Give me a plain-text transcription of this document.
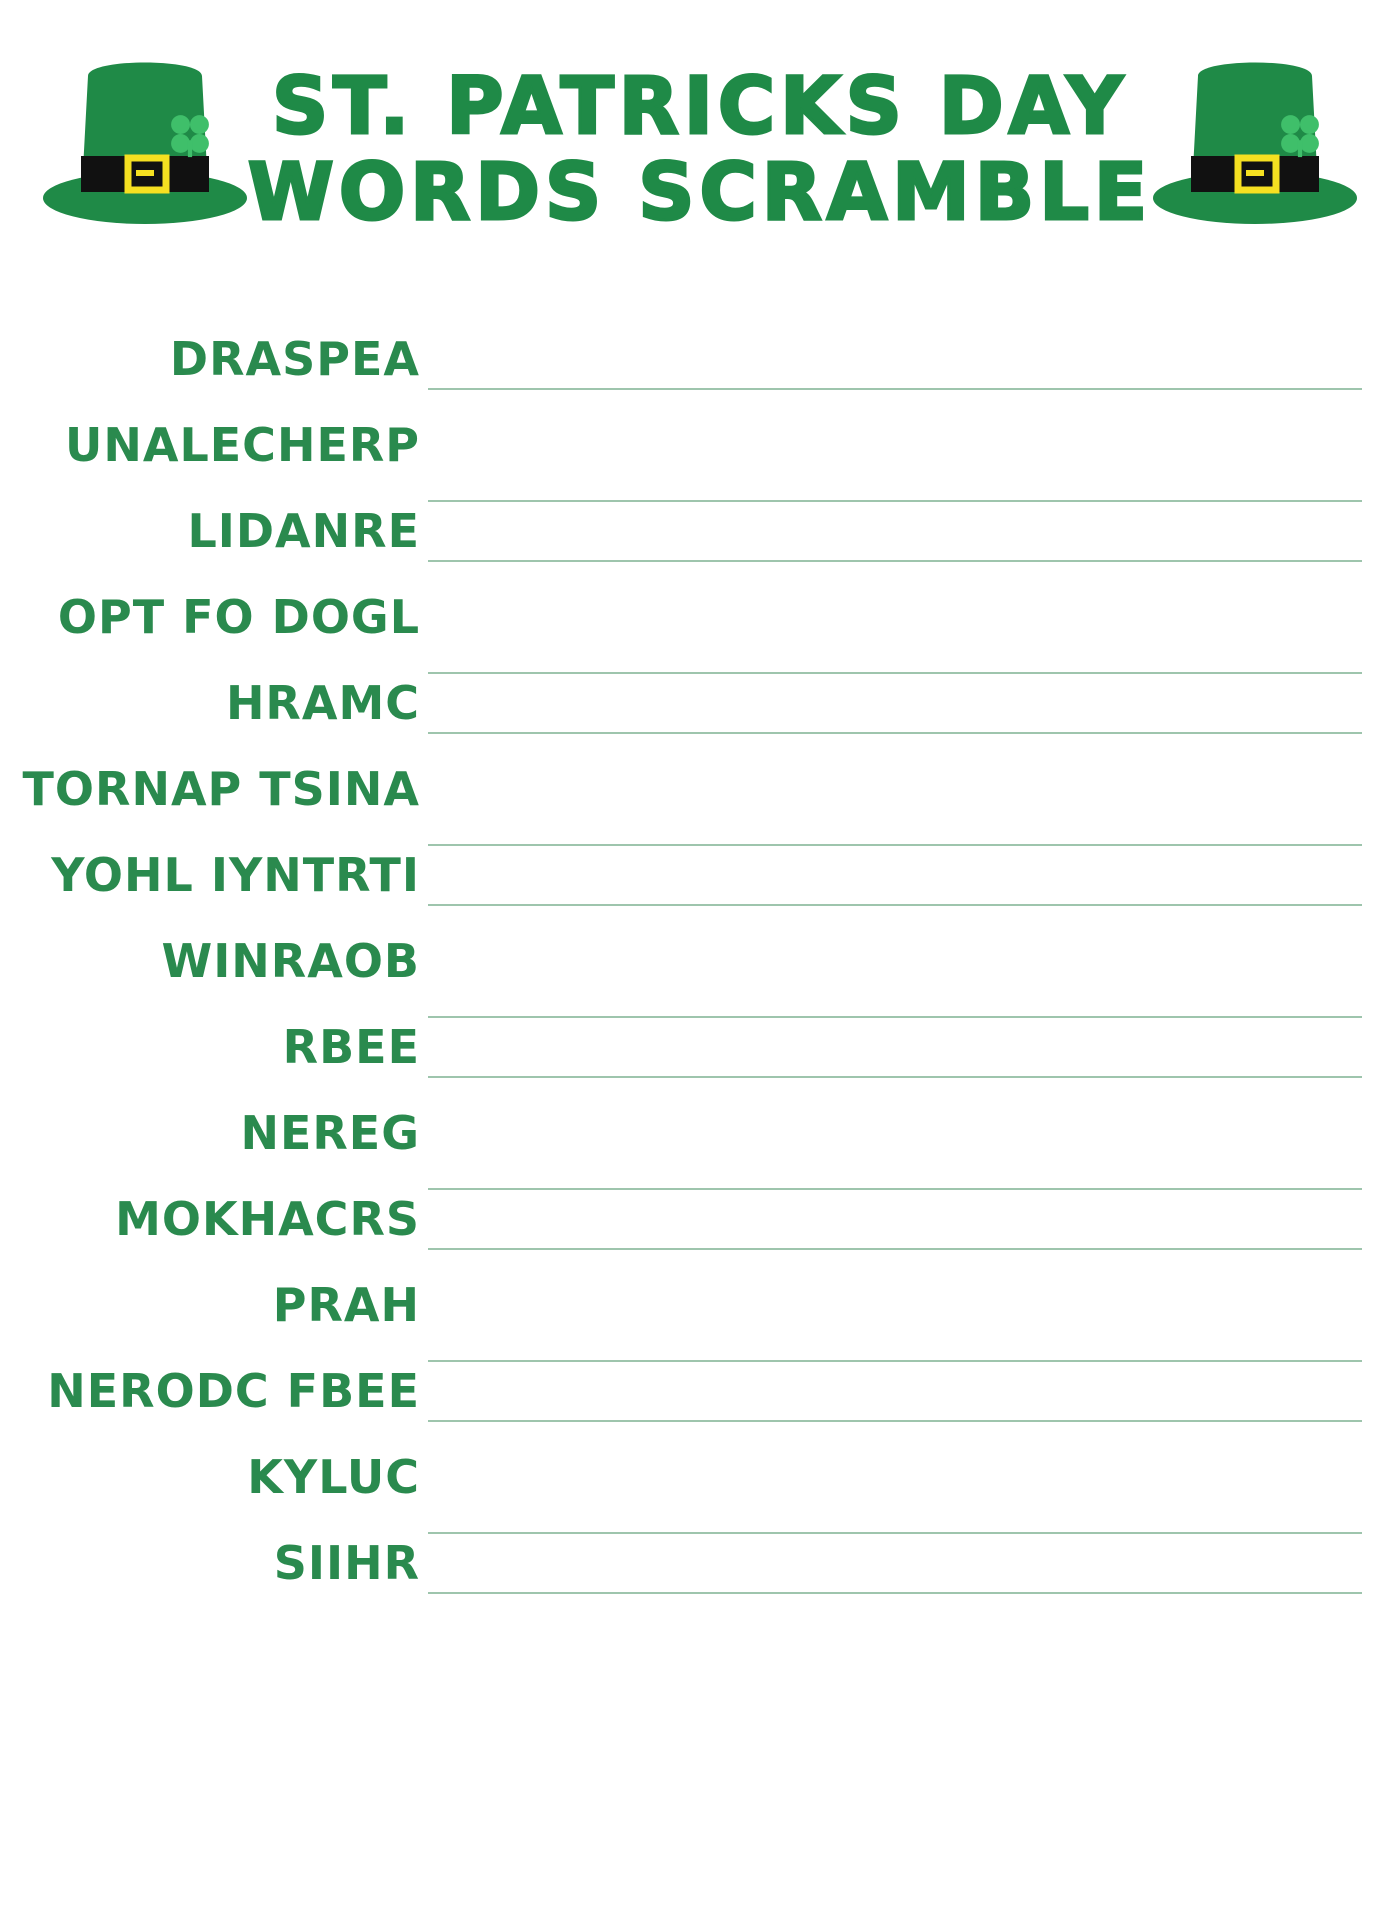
ST. PATRICKS DAY
WORDS SCRAMBLE
DRASPEA
UNALECHERP
LIDANRE
OPT FO DOGL
HRAMC
TORNAP TSINA
YOHL IYNTRTI
WINRAOB
RBEE
NEREG
MOKHACRS
PRAH
NERODC FBEE
KYLUC
SIIHR
